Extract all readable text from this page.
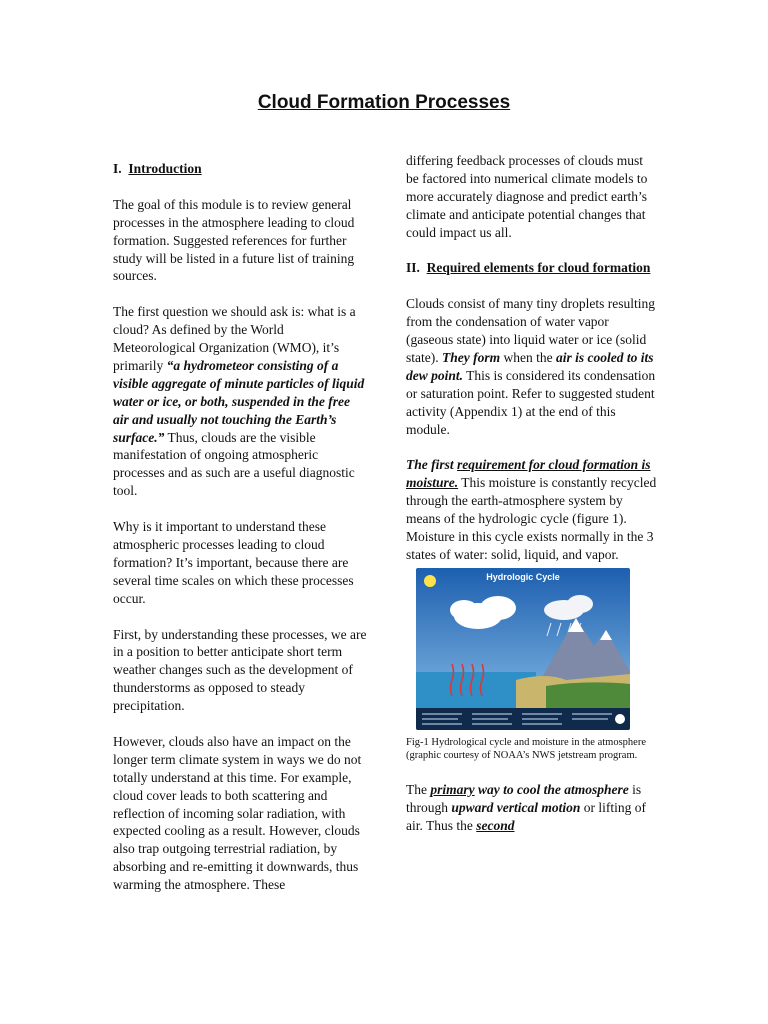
Cloud Formation Processes

I. Introduction

The goal of this module is to review general processes in the atmosphere leading to cloud formation. Suggested references for further study will be listed in a future list of training sources.

The first question we should ask is: what is a cloud? As defined by the World Meteorological Organization (WMO), it’s primarily “a hydrometeor consisting of a visible aggregate of minute particles of liquid water or ice, or both, suspended in the free air and usually not touching the Earth’s surface.” Thus, clouds are the visible manifestation of ongoing atmospheric processes and as such are a useful diagnostic tool.

Why is it important to understand these atmospheric processes leading to cloud formation? It’s important, because there are several time scales on which these processes occur.

First, by understanding these processes, we are in a position to better anticipate short term weather changes such as the development of thunderstorms as opposed to steady precipitation.

However, clouds also have an impact on the longer term climate system in ways we do not totally understand at this time. For example, cloud cover leads to both scattering and reflection of incoming solar radiation, with expected cooling as a result. However, clouds also trap outgoing terrestrial radiation, by absorbing and re-emitting it downwards, thus warming the atmosphere. These

differing feedback processes of clouds must be factored into numerical climate models to more accurately diagnose and predict earth’s climate and anticipate potential changes that could impact us all.

II. Required elements for cloud formation

Clouds consist of many tiny droplets resulting from the condensation of water vapor (gaseous state) into liquid water or ice (solid state). They form when the air is cooled to its dew point. This is considered its condensation or saturation point. Refer to suggested student activity (Appendix 1) at the end of this module.

The first requirement for cloud formation is moisture. This moisture is constantly recycled through the earth-atmosphere system by means of the hydrologic cycle (figure 1). Moisture in this cycle exists normally in the 3 states of water: solid, liquid, and vapor.

Hydrologic Cycle
Fig-1 Hydrological cycle and moisture in the atmosphere (graphic courtesy of NOAA’s NWS jetstream program.

The primary way to cool the atmosphere is through upward vertical motion or lifting of air. Thus the second
